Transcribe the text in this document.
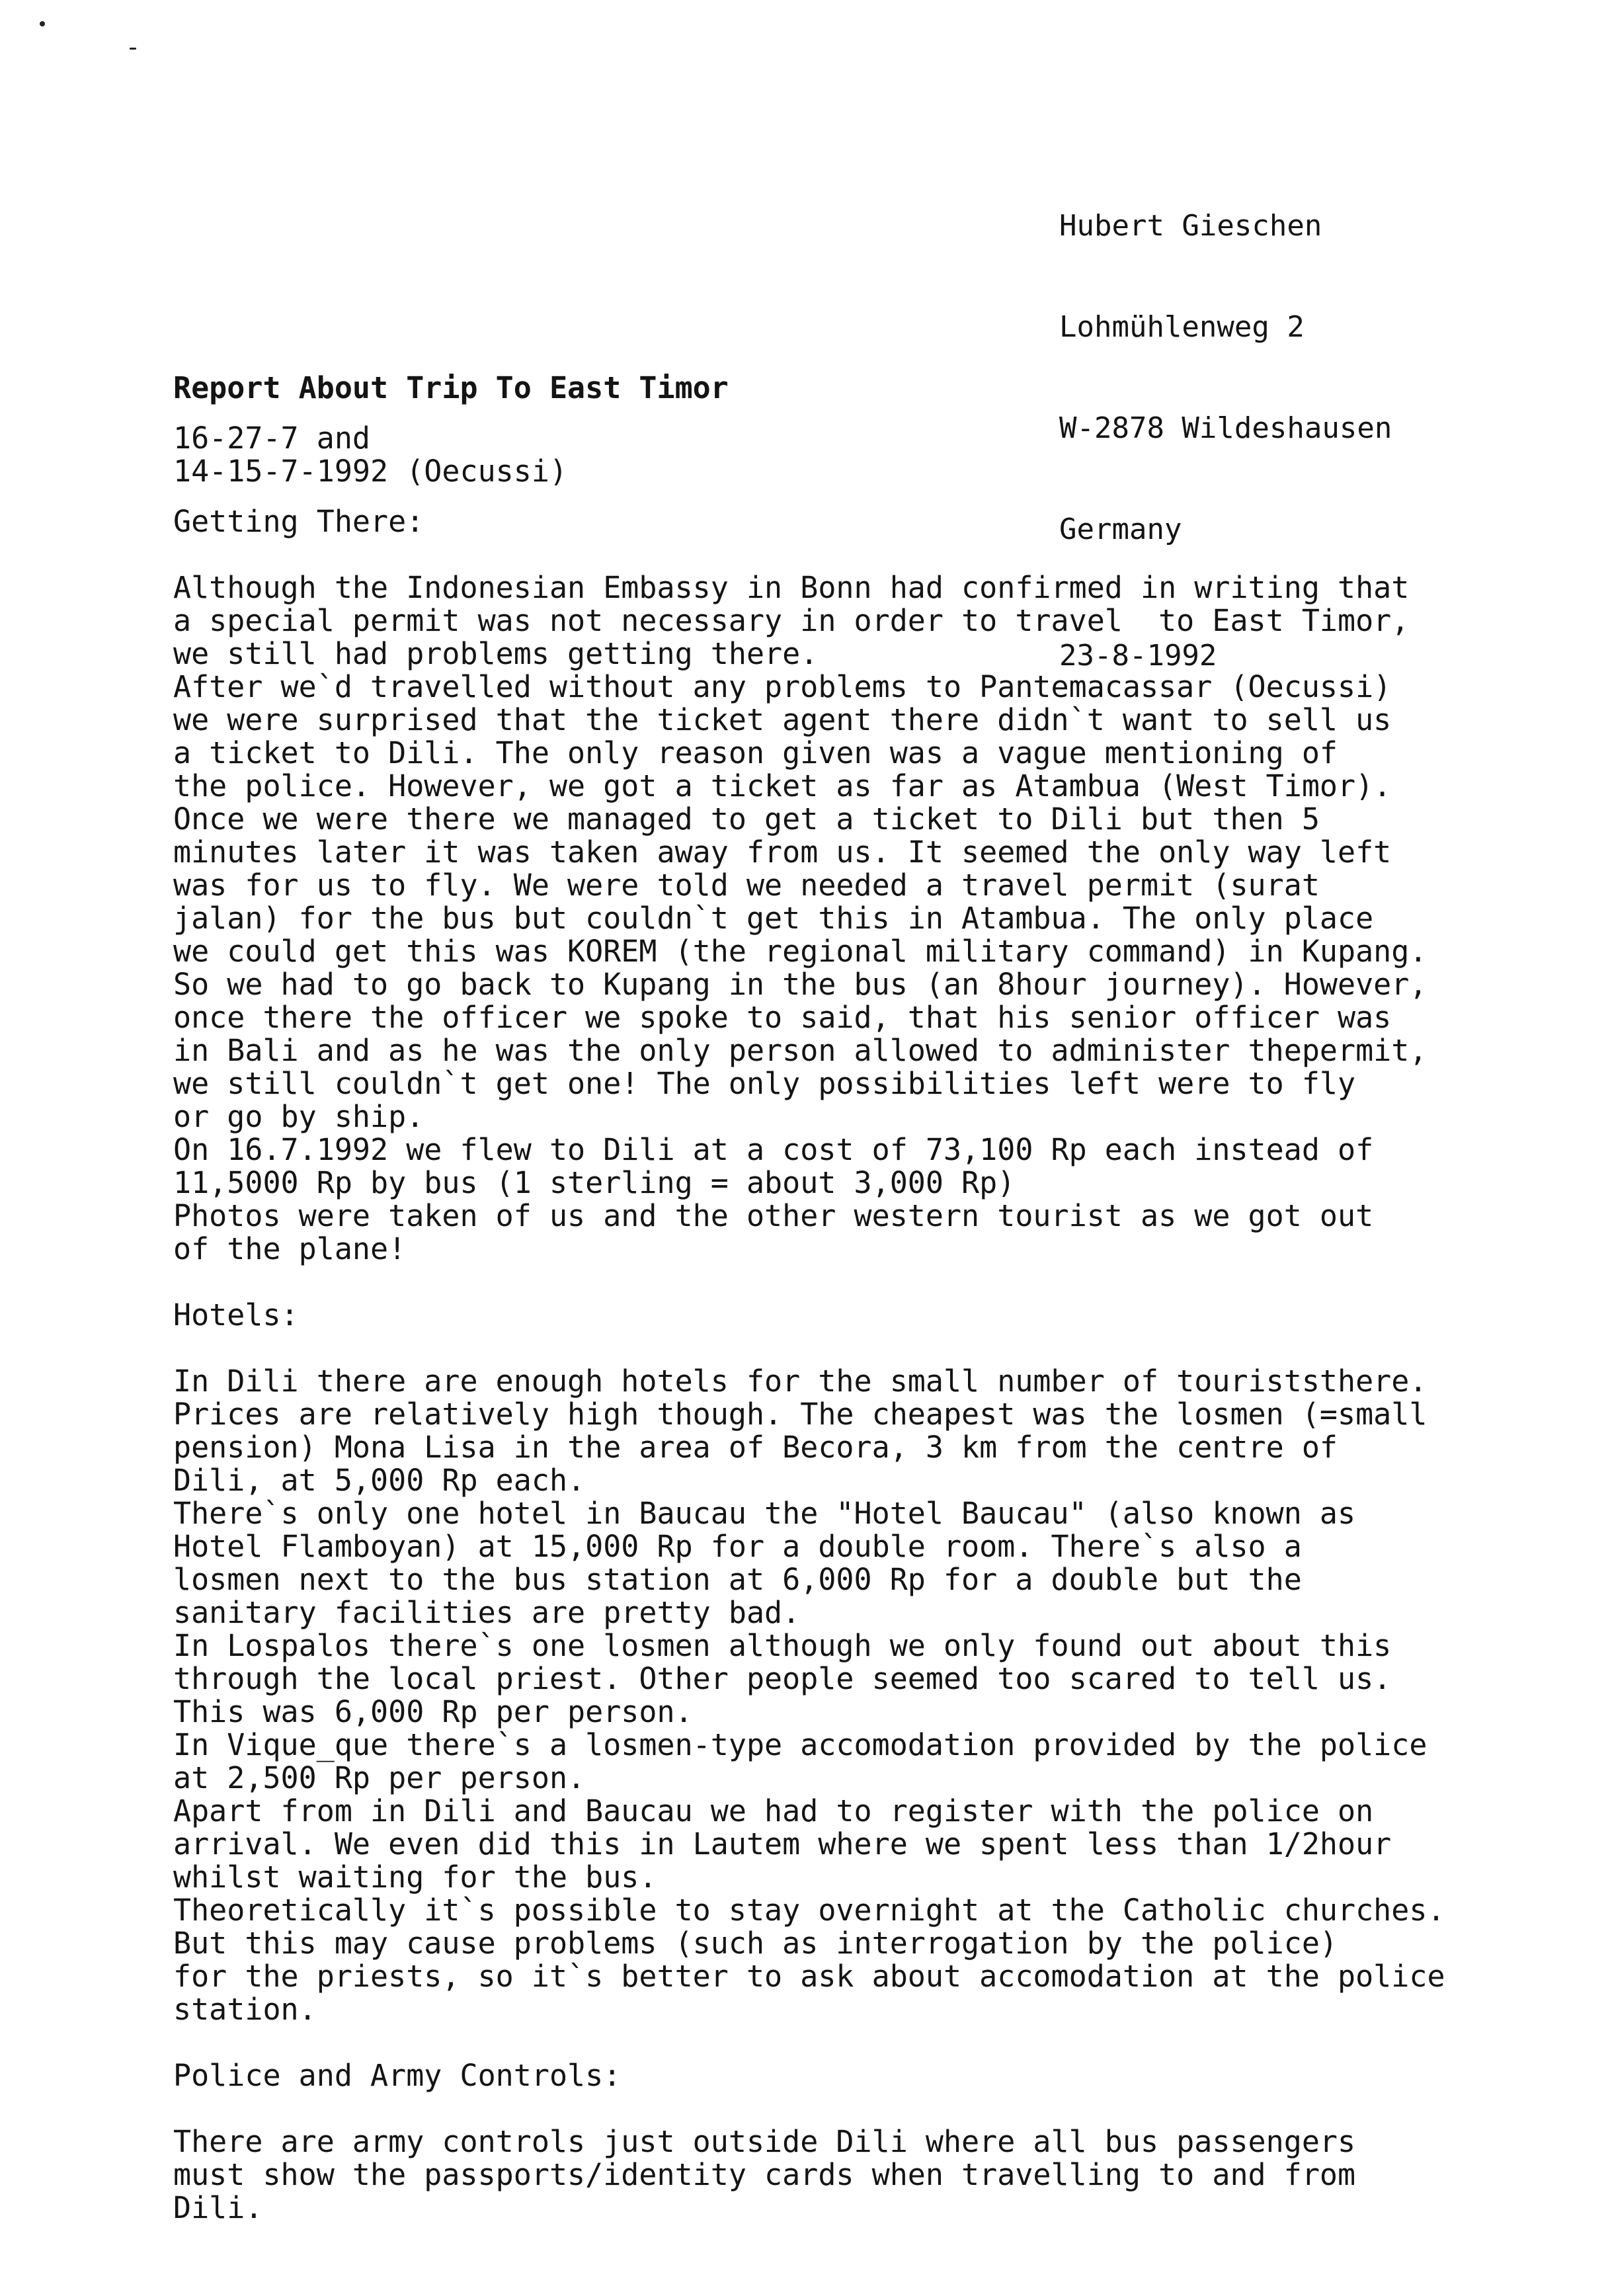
Hubert Gieschen

Lohmühlenweg 2

W-2878 Wildeshausen

Germany

23-8-1992

Report About Trip To East Timor
16-27-7 and
14-15-7-1992 (Oecussi)
Getting There:
Although the Indonesian Embassy in Bonn had confirmed in writing that
a special permit was not necessary in order to travel  to East Timor,
we still had problems getting there.
After we`d travelled without any problems to Pantemacassar (Oecussi)
we were surprised that the ticket agent there didn`t want to sell us
a ticket to Dili. The only reason given was a vague mentioning of
the police. However, we got a ticket as far as Atambua (West Timor).
Once we were there we managed to get a ticket to Dili but then 5
minutes later it was taken away from us. It seemed the only way left
was for us to fly. We were told we needed a travel permit (surat
jalan) for the bus but couldn`t get this in Atambua. The only place
we could get this was KOREM (the regional military command) in Kupang.
So we had to go back to Kupang in the bus (an 8hour journey). However,
once there the officer we spoke to said, that his senior officer was
in Bali and as he was the only person allowed to administer thepermit,
we still couldn`t get one! The only possibilities left were to fly
or go by ship.
On 16.7.1992 we flew to Dili at a cost of 73,100 Rp each instead of
11,5000 Rp by bus (1 sterling = about 3,000 Rp)
Photos were taken of us and the other western tourist as we got out
of the plane!
Hotels:
In Dili there are enough hotels for the small number of touriststhere.
Prices are relatively high though. The cheapest was the losmen (=small
pension) Mona Lisa in the area of Becora, 3 km from the centre of
Dili, at 5,000 Rp each.
There`s only one hotel in Baucau the "Hotel Baucau" (also known as
Hotel Flamboyan) at 15,000 Rp for a double room. There`s also a
losmen next to the bus station at 6,000 Rp for a double but the
sanitary facilities are pretty bad.
In Lospalos there`s one losmen although we only found out about this
through the local priest. Other people seemed too scared to tell us.
This was 6,000 Rp per person.
In Vique_que there`s a losmen-type accomodation provided by the police
at 2,500 Rp per person.
Apart from in Dili and Baucau we had to register with the police on
arrival. We even did this in Lautem where we spent less than 1/2hour
whilst waiting for the bus.
Theoretically it`s possible to stay overnight at the Catholic churches.
But this may cause problems (such as interrogation by the police)
for the priests, so it`s better to ask about accomodation at the police
station.
Police and Army Controls:
There are army controls just outside Dili where all bus passengers
must show the passports/identity cards when travelling to and from
Dili.
